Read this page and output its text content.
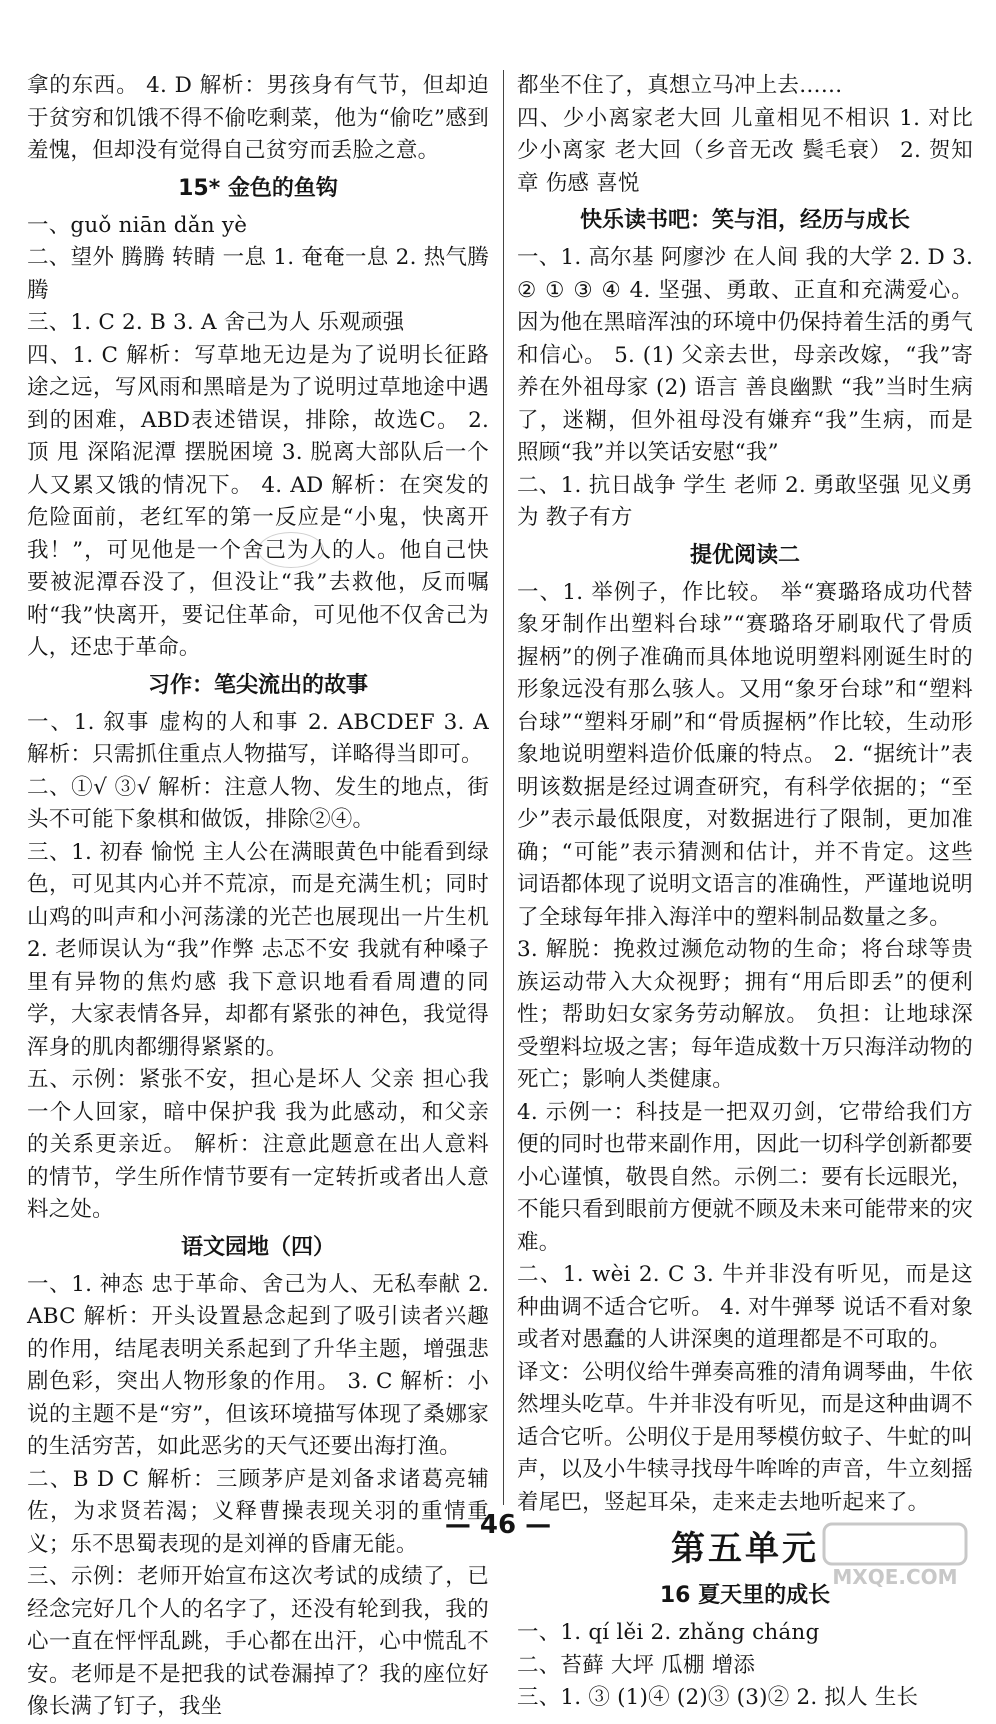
拿的东西。 4. D 解析：男孩身有气节，但却迫于贫穷和饥饿不得不偷吃剩菜，他为“偷吃”感到羞愧，但却没有觉得自己贫穷而丢脸之意。

15* 金色的鱼钩

一、guǒ niān dǎn yè

二、望外 腾腾 转睛 一息 1. 奄奄一息 2. 热气腾腾

三、1. C 2. B 3. A 舍己为人 乐观顽强

四、1. C 解析：写草地无边是为了说明长征路途之远，写风雨和黑暗是为了说明过草地途中遇到的困难，ABD表述错误，排除，故选C。 2. 顶 甩 深陷泥潭 摆脱困境 3. 脱离大部队后一个人又累又饿的情况下。 4. AD 解析：在突发的危险面前，老红军的第一反应是“小鬼，快离开我！”，可见他是一个舍己为人的人。他自己快要被泥潭吞没了，但没让“我”去救他，反而嘱咐“我”快离开，要记住革命，可见他不仅舍己为人，还忠于革命。

习作：笔尖流出的故事

一、1. 叙事 虚构的人和事 2. ABCDEF 3. A 解析：只需抓住重点人物描写，详略得当即可。

二、①√ ③√ 解析：注意人物、发生的地点，街头不可能下象棋和做饭，排除②④。

三、1. 初春 愉悦 主人公在满眼黄色中能看到绿色，可见其内心并不荒凉，而是充满生机；同时山鸡的叫声和小河荡漾的光芒也展现出一片生机 2. 老师误认为“我”作弊 忐忑不安 我就有种嗓子里有异物的焦灼感 我下意识地看看周遭的同学，大家表情各异，却都有紧张的神色，我觉得浑身的肌肉都绷得紧紧的。

五、示例：紧张不安，担心是坏人 父亲 担心我一个人回家，暗中保护我 我为此感动，和父亲的关系更亲近。 解析：注意此题意在出人意料的情节，学生所作情节要有一定转折或者出人意料之处。

语文园地（四）

一、1. 神态 忠于革命、舍己为人、无私奉献 2. ABC 解析：开头设置悬念起到了吸引读者兴趣的作用，结尾表明关系起到了升华主题，增强悲剧色彩，突出人物形象的作用。 3. C 解析：小说的主题不是“穷”，但该环境描写体现了桑娜家的生活穷苦，如此恶劣的天气还要出海打渔。

二、B D C 解析：三顾茅庐是刘备求诸葛亮辅佐，为求贤若渴；义释曹操表现关羽的重情重义；乐不思蜀表现的是刘禅的昏庸无能。

三、示例：老师开始宣布这次考试的成绩了，已经念完好几个人的名字了，还没有轮到我，我的心一直在怦怦乱跳，手心都在出汗，心中慌乱不安。老师是不是把我的试卷漏掉了？我的座位好像长满了钉子，我坐

都坐不住了，真想立马冲上去……

四、少小离家老大回 儿童相见不相识 1. 对比 少小离家 老大回（乡音无改 鬓毛衰） 2. 贺知章 伤感 喜悦

快乐读书吧：笑与泪，经历与成长

一、1. 高尔基 阿廖沙 在人间 我的大学 2. D 3. ② ① ③ ④ 4. 坚强、勇敢、正直和充满爱心。因为他在黑暗浑浊的环境中仍保持着生活的勇气和信心。 5. (1) 父亲去世，母亲改嫁，“我”寄养在外祖母家 (2) 语言 善良幽默 “我”当时生病了，迷糊，但外祖母没有嫌弃“我”生病，而是照顾“我”并以笑话安慰“我”

二、1. 抗日战争 学生 老师 2. 勇敢坚强 见义勇为 教子有方

提优阅读二

一、1. 举例子，作比较。 举“赛璐珞成功代替象牙制作出塑料台球”“赛璐珞牙刷取代了骨质握柄”的例子准确而具体地说明塑料刚诞生时的形象远没有那么骇人。又用“象牙台球”和“塑料台球”“塑料牙刷”和“骨质握柄”作比较，生动形象地说明塑料造价低廉的特点。 2. “据统计”表明该数据是经过调查研究，有科学依据的；“至少”表示最低限度，对数据进行了限制，更加准确；“可能”表示猜测和估计，并不肯定。这些词语都体现了说明文语言的准确性，严谨地说明了全球每年排入海洋中的塑料制品数量之多。

3. 解脱：挽救过濒危动物的生命；将台球等贵族运动带入大众视野；拥有“用后即丢”的便利性；帮助妇女家务劳动解放。 负担：让地球深受塑料垃圾之害；每年造成数十万只海洋动物的死亡；影响人类健康。

4. 示例一：科技是一把双刃剑，它带给我们方便的同时也带来副作用，因此一切科学创新都要小心谨慎，敬畏自然。示例二：要有长远眼光，不能只看到眼前方便就不顾及未来可能带来的灾难。

二、1. wèi 2. C 3. 牛并非没有听见，而是这种曲调不适合它听。 4. 对牛弹琴 说话不看对象或者对愚蠢的人讲深奥的道理都是不可取的。

译文：公明仪给牛弹奏高雅的清角调琴曲，牛依然埋头吃草。牛并非没有听见，而是这种曲调不适合它听。公明仪于是用琴模仿蚊子、牛虻的叫声，以及小牛犊寻找母牛哞哞的声音，牛立刻摇着尾巴，竖起耳朵，走来走去地听起来了。

第五单元
16 夏天里的成长

一、1. qí lěi 2. zhǎng cháng

二、苔藓 大坪 瓜棚 增添

三、1. ③ (1)④ (2)③ (3)② 2. 拟人 生长

— 46 —
MXQE.COM
